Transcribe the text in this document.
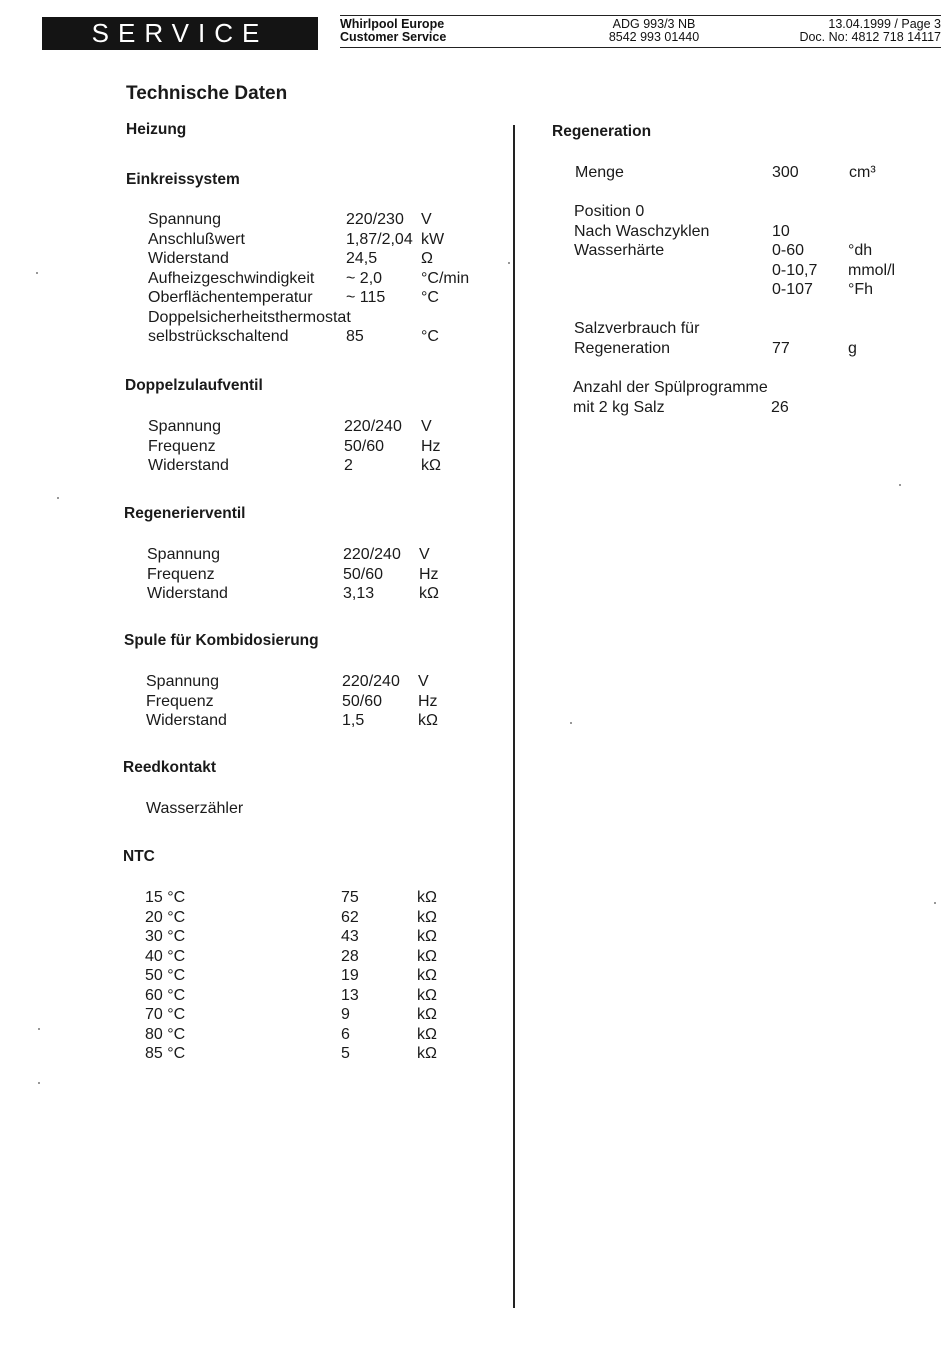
SERVICE	Whirlpool Europe
Customer Service
ADG 993/3 NB
8542 993 01440
13.04.1999 / Page 3
Doc. No: 4812 718 14117
Technische Daten
Heizung
Einkreissystem
Spannung	220/230 V
Anschlußwert	1,87/2,04 kW
Widerstand	24,5	Ω
Aufheizgeschwindigkeit ~ 2,0 °C/min
Oberflächentemperatur ~ 115 °C
Doppelsicherheitsthermostat
selbstrückschaltend	85	°C
Doppelzulaufventil
Spannung	220/240 V
Frequenz	50/60 Hz
Widerstand	2	kΩ
Regenerierventil
Spannung	220/240 V
Frequenz	50/60 Hz
Widerstand	3,13	kΩ
Spule für Kombidosierung
Spannung	220/240 V
Frequenz	50/60 Hz
Widerstand	1,5	kΩ
Reedkontakt
Wasserzähler
NTC
15 °C	75	kΩ
20 °C	62	kΩ
30 °C	43	kΩ
40 °C	28	kΩ
50 °C	19	kΩ
60 °C	13	kΩ
70 °C	9	kΩ
80 °C	6	kΩ
85 °C	5	kΩ
Regeneration
Menge	300	cm³
Position 0
Nach Waschzyklen	10
Wasserhärte	0-60	°dh
0-10,7 mmol/l
0-107 °Fh
Salzverbrauch für
Regeneration	77	g
Anzahl der Spülprogramme
mit 2 kg Salz	26
